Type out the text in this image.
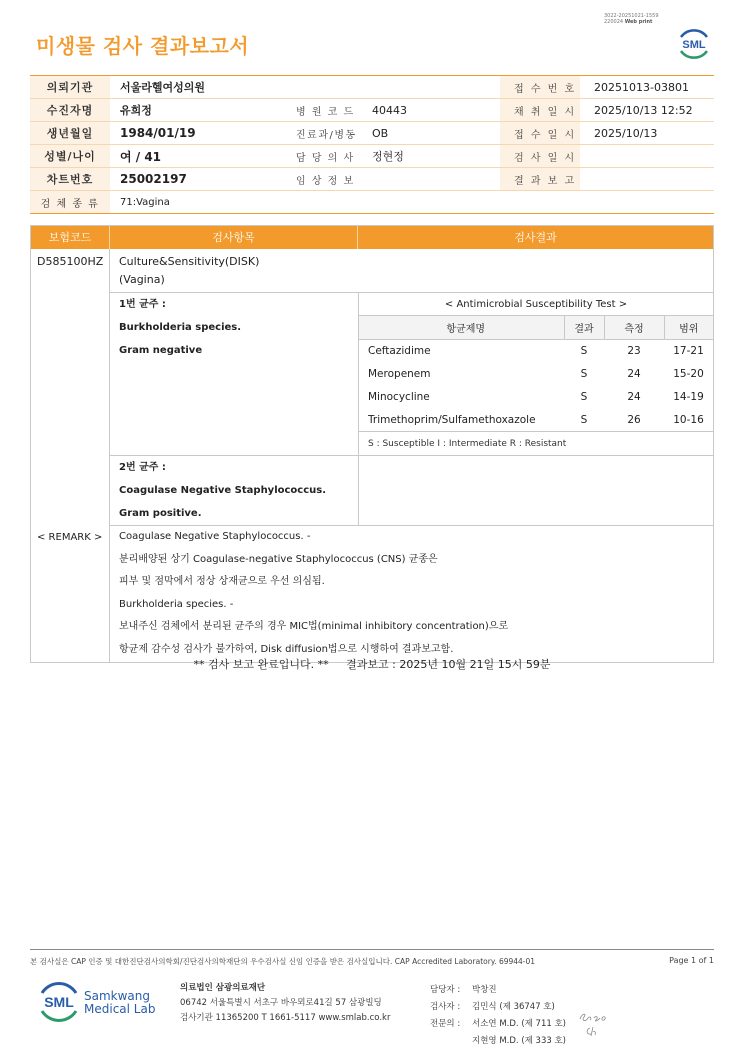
3022-20251021-1559
220024 Web print
미생물 검사 결과보고서	SML
의뢰기관	서울라헬여성의원			접 수 번 호	20251013-03801
수진자명	유희정	병 원 코 드	40443	채 취 일 시	2025/10/13 12:52
생년월일	1984/01/19	진료과/병동	OB	접 수 일 시	2025/10/13
성별/나이	여 / 41	담 당 의 사	정현정	검 사 일 시	
차트번호	25002197	임 상 정 보		결 과 보 고	
검 체 종 류	71:Vagina				
보험코드	검사항목	검사결과
D585100HZ	Culture&Sensitivity(DISK)
(Vagina)
1번 균주 :
Burkholderia species.
Gram negative
< Antimicrobial Susceptibility Test >
항균제명	결과	측정	범위
Ceftazidime	S	23	17-21
Meropenem	S	24	15-20
Minocycline	S	24	14-19
Trimethoprim/Sulfamethoxazole	S	26	10-16
S : Susceptible I : Intermediate R : Resistant
2번 균주 :
Coagulase Negative Staphylococcus.
Gram positive.
< REMARK >	Coagulase Negative Staphylococcus. -
분리배양된 상기 Coagulase-negative Staphylococcus (CNS) 균종은
피부 및 점막에서 정상 상재균으로 우선 의심됨.
Burkholderia species. -
보내주신 검체에서 분리된 균주의 경우 MIC법(minimal inhibitory concentration)으로
항균제 감수성 검사가 불가하여, Disk diffusion법으로 시행하여 결과보고함.
** 검사 보고 완료입니다. **     결과보고 : 2025년 10월 21일 15시 59분
본 검사실은 CAP 인증 및 대한진단검사의학회/진단검사의학재단의 우수검사실 신임 인증을 받은 검사실입니다. CAP Accredited Laboratory. 69944-01	Page 1 of 1
SML Samkwang
Medical Lab
의료법인 삼광의료재단
06742 서울특별시 서초구 바우뫼로41길 57 삼광빌딩
검사기관 11365200 T 1661-5117 www.smlab.co.kr
담당자 :	박창진
검사자 :	김민식 (제 36747 호)
전문의 :	서소연 M.D. (제 711 호)
	지현영 M.D. (제 333 호)
